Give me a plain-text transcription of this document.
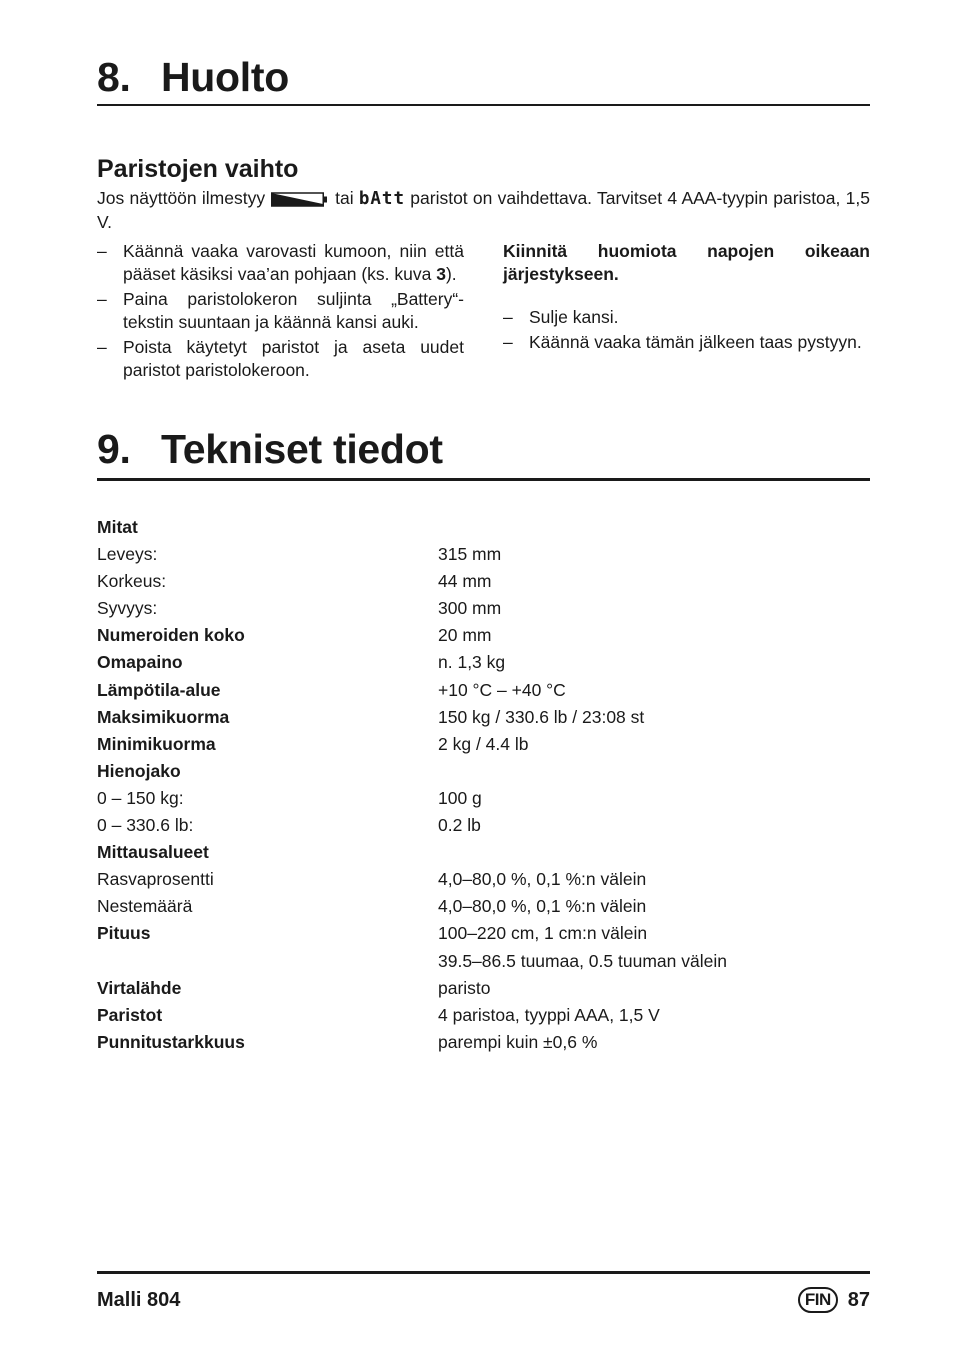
8. Huolto
Paristojen vaihto

Jos näyttöön ilmestyy	tai bAtt paristot on vaihdettava. Tarvitset 4 AAA-tyypin paristoa, 1,5 V.

– Käännä vaaka varovasti kumoon, niin että pääset käsiksi vaa’an pohjaan (ks. kuva 3).
– Paina paristolokeron suljinta „Battery“-tekstin suuntaan ja käännä kansi auki.
– Poista käytetyt paristot ja aseta uudet paristot paristolokeroon.

Kiinnitä huomiota napojen oikeaan järjestykseen.

– Sulje kansi.
– Käännä vaaka tämän jälkeen taas pystyyn.
9. Tekniset tiedot
Mitat
Leveys:	315 mm
Korkeus:	44 mm
Syvyys:	300 mm
Numeroiden koko	20 mm
Omapaino	n. 1,3 kg
Lämpötila-alue	+10 °C – +40 °C
Maksimikuorma	150 kg / 330.6 lb / 23:08 st
Minimikuorma	2 kg / 4.4 lb
Hienojako
0 – 150 kg:	100 g
0 – 330.6 lb:	0.2 lb
Mittausalueet
Rasvaprosentti	4,0–80,0 %, 0,1 %:n välein
Nestemäärä	4,0–80,0 %, 0,1 %:n välein
Pituus	100–220 cm, 1 cm:n välein
39.5–86.5 tuumaa, 0.5 tuuman välein
Virtalähde	paristo
Paristot	4 paristoa, tyyppi AAA, 1,5 V
Punnitustarkkuus	parempi kuin ±0,6 %
Malli 804	FIN 87
